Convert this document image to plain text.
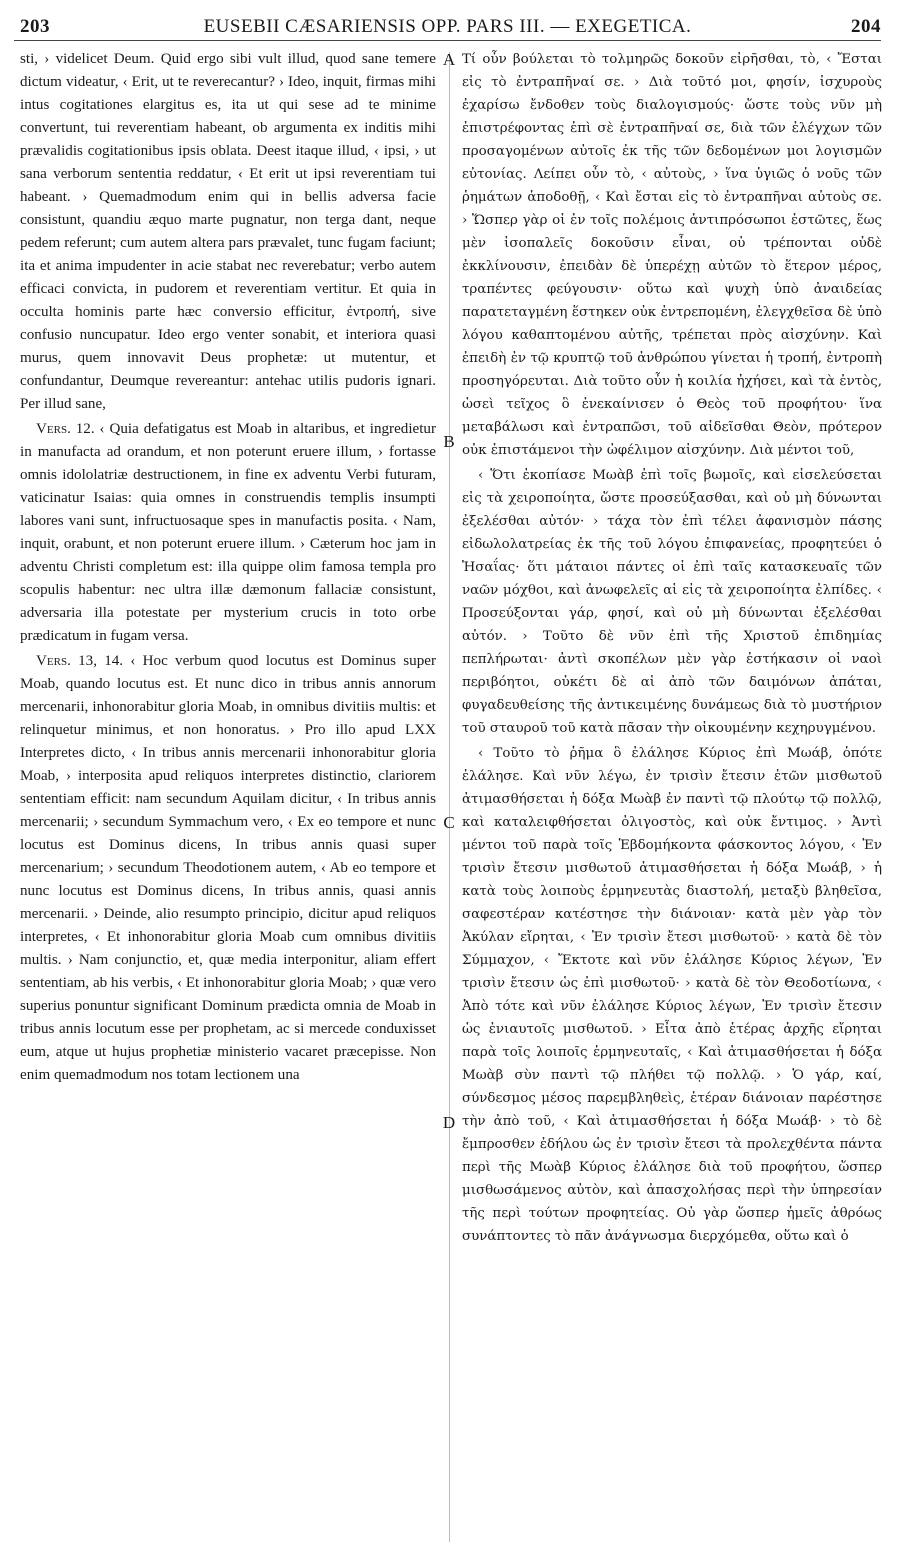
203	EUSEBII CÆSARIENSIS OPP. PARS III. — EXEGETICA.	204
A
B
C
D

sti, › videlicet Deum. Quid ergo sibi vult illud, quod sane temere dictum videatur, ‹ Erit, ut te reverecantur? › Ideo, inquit, firmas mihi intus cogitationes elargitus es, ita ut qui sese ad te minime convertunt, tui reverentiam habeant, ob argumenta ex inditis mihi prævalidis cogitationibus ipsis oblata. Deest itaque illud, ‹ ipsi, › ut sana verborum sententia reddatur, ‹ Et erit ut ipsi reverentiam tui habeant. › Quemadmodum enim qui in bellis adversa facie consistunt, quandiu æquo marte pugnatur, non terga dant, neque pedem referunt; cum autem altera pars prævalet, tunc fugam faciunt; ita et anima impudenter in acie stabat nec reverebatur; verbo autem efficaci convicta, in pudorem et reverentiam vertitur. Et quia in occulta hominis parte hæc conversio efficitur, ἐντροπή, sive confusio nuncupatur. Ideo ergo venter sonabit, et interiora quasi murus, quem innovavit Deus prophetæ: ut mutentur, et confundantur, Deumque revereantur: antehac utilis pudoris ignari. Per illud sane,

Vers. 12. ‹ Quia defatigatus est Moab in altaribus, et ingredietur in manufacta ad orandum, et non poterunt eruere illum, › fortasse omnis idololatriæ destructionem, in fine ex adventu Verbi futuram, vaticinatur Isaias: quia omnes in construendis templis insumpti labores vani sunt, infructuosaque spes in manufactis posita. ‹ Nam, inquit, orabunt, et non poterunt eruere illum. › Cæterum hoc jam in adventu Christi completum est: illa quippe olim famosa templa pro scopulis habentur: nec ultra illæ dæmonum fallaciæ consistunt, adversaria illa potestate per mysterium crucis in toto orbe prædicatum in fugam versa.

Vers. 13, 14. ‹ Hoc verbum quod locutus est Dominus super Moab, quando locutus est. Et nunc dico in tribus annis annorum mercenarii, inhonorabitur gloria Moab, in omnibus divitiis multis: et relinquetur minimus, et non honoratus. › Pro illo apud LXX Interpretes dicto, ‹ In tribus annis mercenarii inhonorabitur gloria Moab, › interposita apud reliquos interpretes distinctio, clariorem sententiam efficit: nam secundum Aquilam dicitur, ‹ In tribus annis mercenarii; › secundum Symmachum vero, ‹ Ex eo tempore et nunc locutus est Dominus dicens, In tribus annis quasi super mercenarium; › secundum Theodotionem autem, ‹ Ab eo tempore et nunc locutus est Dominus dicens, In tribus annis, quasi annis mercenarii. › Deinde, alio resumpto principio, dicitur apud reliquos interpretes, ‹ Et inhonorabitur gloria Moab cum omnibus divitiis multis. › Nam conjunctio, et, quæ media interponitur, aliam effert sententiam, ab his verbis, ‹ Et inhonorabitur gloria Moab; › quæ vero superius ponuntur significant Dominum prædicta omnia de Moab in tribus annis locutum esse per prophetam, ac si mercede conduxisset eum, atque ut hujus prophetiæ ministerio vacaret præcepisse. Non enim quemadmodum nos totam lectionem una

Τί οὖν βούλεται τὸ τολμηρῶς δοκοῦν εἰρῆσθαι, τὸ, ‹ Ἔσται εἰς τὸ ἐντραπῆναί σε. › Διὰ τοῦτό μοι, φησίν, ἰσχυροὺς ἐχαρίσω ἔνδοθεν τοὺς διαλογισμούς· ὥστε τοὺς νῦν μὴ ἐπιστρέφοντας ἐπὶ σὲ ἐντραπῆναί σε, διὰ τῶν ἐλέγχων τῶν προσαγομένων αὐτοῖς ἐκ τῆς τῶν δεδομένων μοι λογισμῶν εὐτονίας. Λείπει οὖν τὸ, ‹ αὐτοὺς, › ἵνα ὑγιῶς ὁ νοῦς τῶν ῥημάτων ἀποδοθῇ, ‹ Καὶ ἔσται εἰς τὸ ἐντραπῆναι αὐτοὺς σε. › Ὥσπερ γὰρ οἱ ἐν τοῖς πολέμοις ἀντιπρόσωποι ἑστῶτες, ἕως μὲν ἰσοπαλεῖς δοκοῦσιν εἶναι, οὐ τρέπονται οὐδὲ ἐκκλίνουσιν, ἐπειδὰν δὲ ὑπερέχῃ αὐτῶν τὸ ἕτερον μέρος, τραπέντες φεύγουσιν· οὕτω καὶ ψυχὴ ὑπὸ ἀναιδείας παρατεταγμένη ἕστηκεν οὐκ ἐντρεπομένη, ἐλεγχθεῖσα δὲ ὑπὸ λόγου καθαπτομένου αὐτῆς, τρέπεται πρὸς αἰσχύνην. Καὶ ἐπειδὴ ἐν τῷ κρυπτῷ τοῦ ἀνθρώπου γίνεται ἡ τροπή, ἐντροπὴ προσηγόρευται. Διὰ τοῦτο οὖν ἡ κοιλία ἠχήσει, καὶ τὰ ἐντὸς, ὡσεὶ τεῖχος ὃ ἐνεκαίνισεν ὁ Θεὸς τοῦ προφήτου· ἵνα μεταβάλωσι καὶ ἐντραπῶσι, τοῦ αἰδεῖσθαι Θεὸν, πρότερον οὐκ ἐπιστάμενοι τὴν ὠφέλιμον αἰσχύνην. Διὰ μέντοι τοῦ,

‹ Ὅτι ἐκοπίασε Μωὰβ ἐπὶ τοῖς βωμοῖς, καὶ εἰσελεύσεται εἰς τὰ χειροποίητα, ὥστε προσεύξασθαι, καὶ οὐ μὴ δύνωνται ἐξελέσθαι αὐτόν· › τάχα τὸν ἐπὶ τέλει ἀφανισμὸν πάσης εἰδωλολατρείας ἐκ τῆς τοῦ λόγου ἐπιφανείας, προφητεύει ὁ Ἡσαΐας· ὅτι μάταιοι πάντες οἱ ἐπὶ ταῖς κατασκευαῖς τῶν ναῶν μόχθοι, καὶ ἀνωφελεῖς αἱ εἰς τὰ χειροποίητα ἐλπίδες. ‹ Προσεύξονται γάρ, φησί, καὶ οὐ μὴ δύνωνται ἐξελέσθαι αὐτόν. › Τοῦτο δὲ νῦν ἐπὶ τῆς Χριστοῦ ἐπιδημίας πεπλήρωται· ἀντὶ σκοπέλων μὲν γὰρ ἐστήκασιν οἱ ναοὶ περιβόητοι, οὐκέτι δὲ αἱ ἀπὸ τῶν δαιμόνων ἀπάται, φυγαδευθείσης τῆς ἀντικειμένης δυνάμεως διὰ τὸ μυστήριον τοῦ σταυροῦ τοῦ κατὰ πᾶσαν τὴν οἰκουμένην κεχηρυγμένου.

‹ Τοῦτο τὸ ῥῆμα ὃ ἐλάλησε Κύριος ἐπὶ Μωάβ, ὁπότε ἐλάλησε. Καὶ νῦν λέγω, ἐν τρισὶν ἔτεσιν ἐτῶν μισθωτοῦ ἀτιμασθήσεται ἡ δόξα Μωὰβ ἐν παντὶ τῷ πλούτῳ τῷ πολλῷ, καὶ καταλειφθήσεται ὀλιγοστὸς, καὶ οὐκ ἔντιμος. › Ἀντὶ μέντοι τοῦ παρὰ τοῖς Ἑβδομήκοντα φάσκοντος λόγου, ‹ Ἐν τρισὶν ἔτεσιν μισθωτοῦ ἀτιμασθήσεται ἡ δόξα Μωάβ, › ἡ κατὰ τοὺς λοιποὺς ἑρμηνευτὰς διαστολή, μεταξὺ βληθεῖσα, σαφεστέραν κατέστησε τὴν διάνοιαν· κατὰ μὲν γὰρ τὸν Ἀκύλαν εἴρηται, ‹ Ἐν τρισὶν ἔτεσι μισθωτοῦ· › κατὰ δὲ τὸν Σύμμαχον, ‹ Ἔκτοτε καὶ νῦν ἐλάλησε Κύριος λέγων, Ἐν τρισὶν ἔτεσιν ὡς ἐπὶ μισθωτοῦ· › κατὰ δὲ τὸν Θεοδοτίωνα, ‹ Ἀπὸ τότε καὶ νῦν ἐλάλησε Κύριος λέγων, Ἐν τρισὶν ἔτεσιν ὡς ἐνιαυτοῖς μισθωτοῦ. › Εἶτα ἀπὸ ἑτέρας ἀρχῆς εἴρηται παρὰ τοῖς λοιποῖς ἑρμηνευταῖς, ‹ Καὶ ἀτιμασθήσεται ἡ δόξα Μωὰβ σὺν παντὶ τῷ πλήθει τῷ πολλῷ. › Ὁ γάρ, καί, σύνδεσμος μέσος παρεμβληθεὶς, ἑτέραν διάνοιαν παρέστησε τὴν ἀπὸ τοῦ, ‹ Καὶ ἀτιμασθήσεται ἡ δόξα Μωάβ· › τὸ δὲ ἔμπροσθεν ἐδήλου ὡς ἐν τρισὶν ἔτεσι τὰ προλεχθέντα πάντα περὶ τῆς Μωὰβ Κύριος ἐλάλησε διὰ τοῦ προφήτου, ὥσπερ μισθωσάμενος αὐτὸν, καὶ ἀπασχολήσας περὶ τὴν ὑπηρεσίαν τῆς περὶ τούτων προφητείας. Οὐ γὰρ ὥσπερ ἡμεῖς ἀθρόως συνάπτοντες τὸ πᾶν ἀνάγνωσμα διερχόμεθα, οὕτω καὶ ὁ
